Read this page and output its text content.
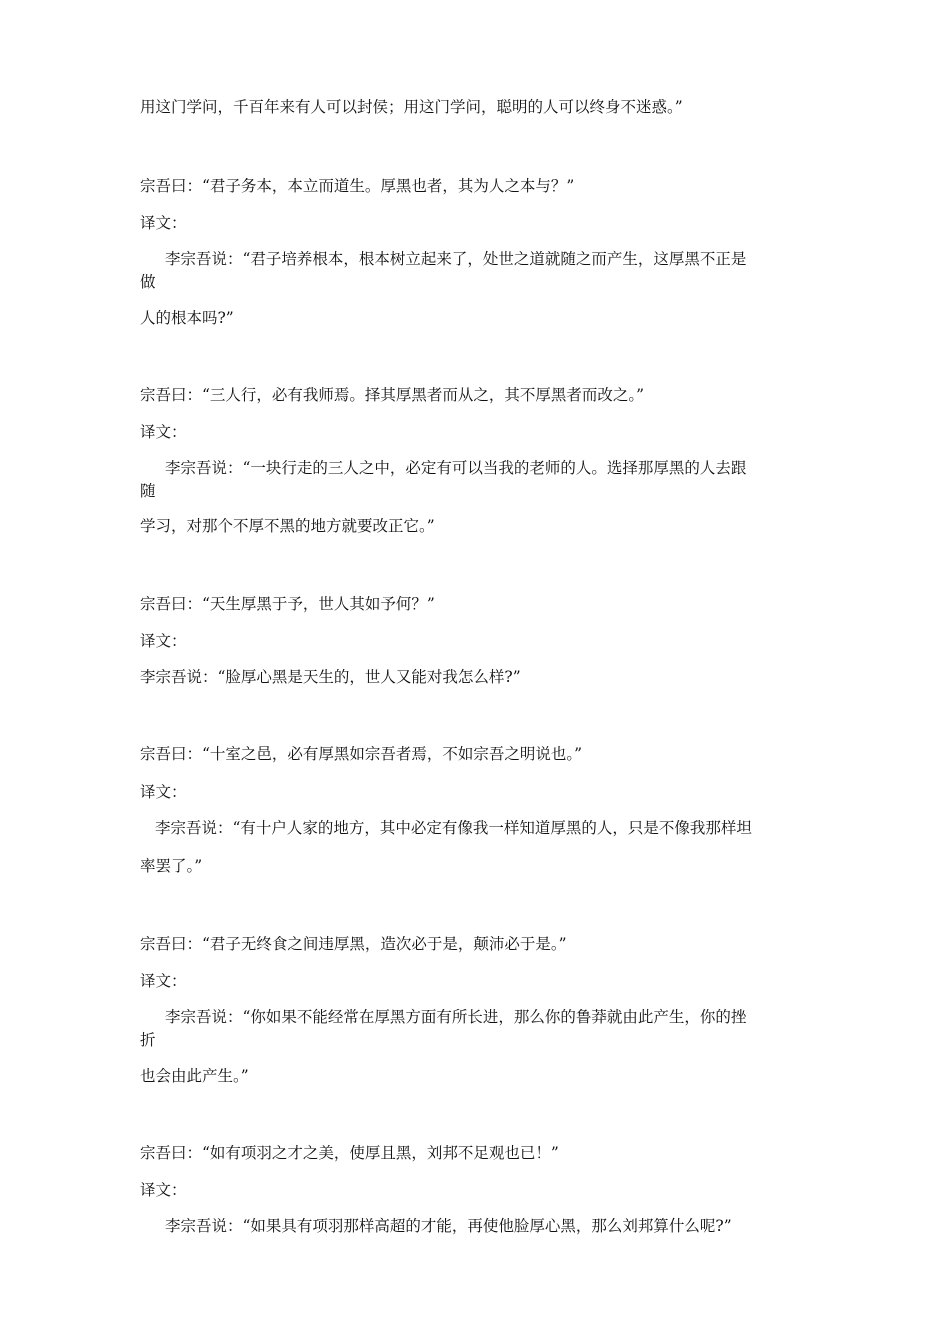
用这门学问，千百年来有人可以封侯；用这门学问，聪明的人可以终身不迷惑。”
宗吾曰：“君子务本，本立而道生。厚黑也者，其为人之本与？”
译文：
李宗吾说：“君子培养根本，根本树立起来了，处世之道就随之而产生，这厚黑不正是
做
人的根本吗?”
宗吾曰：“三人行，必有我师焉。择其厚黑者而从之，其不厚黑者而改之。”
译文：
李宗吾说：“一块行走的三人之中，必定有可以当我的老师的人。选择那厚黑的人去跟
随
学习，对那个不厚不黑的地方就要改正它。”
宗吾曰：“天生厚黑于予，世人其如予何？”
译文：
李宗吾说：“脸厚心黑是天生的，世人又能对我怎么样?”
宗吾曰：“十室之邑，必有厚黑如宗吾者焉，不如宗吾之明说也。”
译文：
李宗吾说：“有十户人家的地方，其中必定有像我一样知道厚黑的人，只是不像我那样坦
率罢了。”
宗吾曰：“君子无终食之间违厚黑，造次必于是，颠沛必于是。”
译文：
李宗吾说：“你如果不能经常在厚黑方面有所长进，那么你的鲁莽就由此产生，你的挫
折
也会由此产生。”
宗吾曰：“如有项羽之才之美，使厚且黑，刘邦不足观也已！”
译文：
李宗吾说：“如果具有项羽那样高超的才能，再使他脸厚心黑，那么刘邦算什么呢?”
